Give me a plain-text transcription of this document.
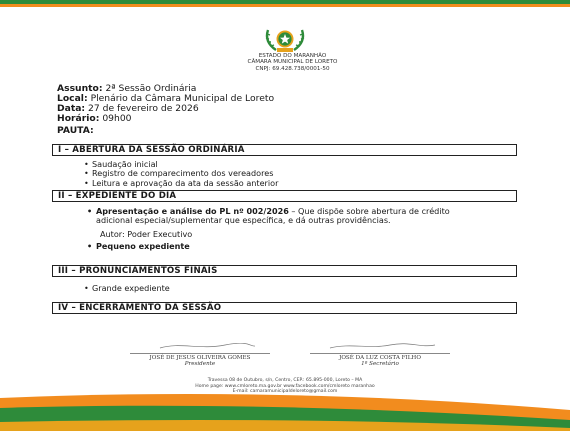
ESTADO DO MARANHÃO
CÂMARA MUNICIPAL DE LORETO
CNPJ: 69.428.738/0001-50
Assunto: 2ª Sessão Ordinária
Local: Plenário da Câmara Municipal de Loreto
Data: 27 de fevereiro de 2026
Horário: 09h00
PAUTA:
I – ABERTURA DA SESSÃO ORDINÁRIA
• Saudação inicial
• Registro de comparecimento dos vereadores
• Leitura e aprovação da ata da sessão anterior
II – EXPEDIENTE DO DIA
• Apresentação e análise do PL nº 002/2026 – Que dispõe sobre abertura de crédito adicional especial/suplementar que específica, e dá outras providências.
Autor: Poder Executivo
• Pequeno expediente
III – PRONUNCIAMENTOS FINAIS
• Grande expediente
IV – ENCERRAMENTO DA SESSÃO
JOSÉ DE JESUS OLIVEIRA GOMES
Presidente
JOSÉ DA LUZ COSTA FILHO
1º Secretário
Travessa 08 de Outubro, s/n, Centro, CEP.: 65.895-000, Loreto – MA
Home page: www.cmloreto.ma.gov.br www.facebook.com/cmloreto maranhao
E-mail: camaramunicipaldeloreto@gmail.com
